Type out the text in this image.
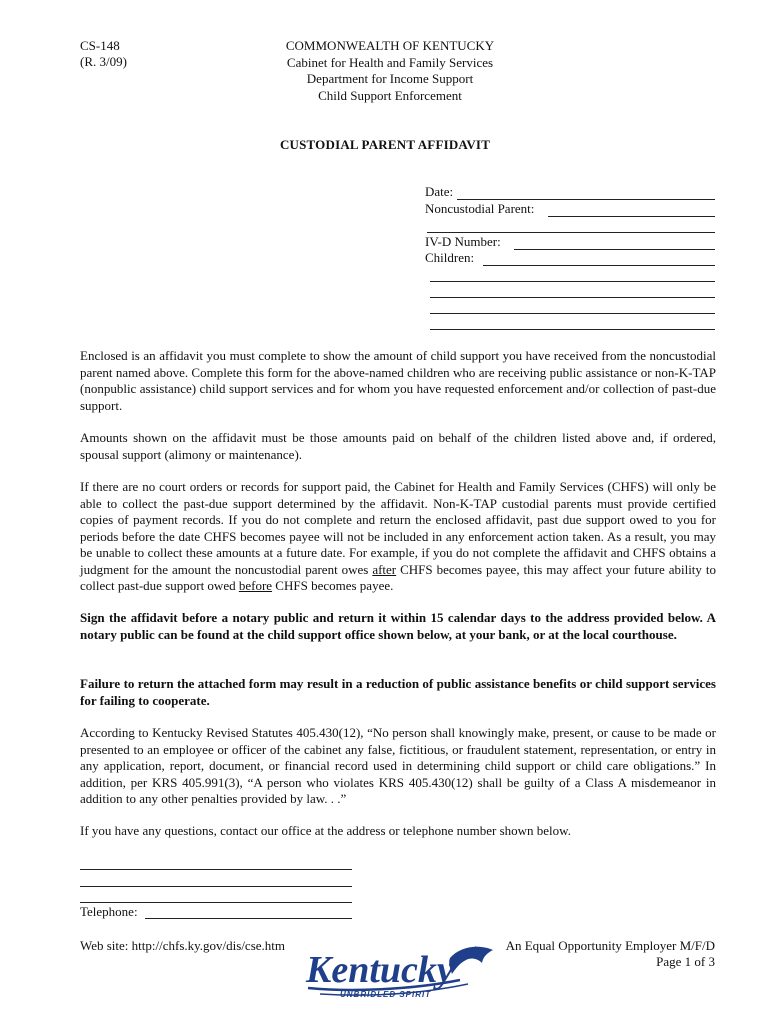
CS-148
(R. 3/09)
COMMONWEALTH OF KENTUCKY
Cabinet for Health and Family Services
Department for Income Support
Child Support Enforcement
CUSTODIAL PARENT AFFIDAVIT
Date:
Noncustodial Parent:
IV-D Number:
Children:

Enclosed is an affidavit you must complete to show the amount of child support you have received from the noncustodial parent named above. Complete this form for the above-named children who are receiving public assistance or non-K-TAP (nonpublic assistance) child support services and for whom you have requested enforcement and/or collection of past-due support.

Amounts shown on the affidavit must be those amounts paid on behalf of the children listed above and, if ordered, spousal support (alimony or maintenance).

If there are no court orders or records for support paid, the Cabinet for Health and Family Services (CHFS) will only be able to collect the past-due support determined by the affidavit. Non-K-TAP custodial parents must provide certified copies of payment records. If you do not complete and return the enclosed affidavit, past due support owed to you for periods before the date CHFS becomes payee will not be included in any enforcement action taken. As a result, you may be unable to collect these amounts at a future date. For example, if you do not complete the affidavit and CHFS obtains a judgment for the amount the noncustodial parent owes after CHFS becomes payee, this may affect your future ability to collect past-due support owed before CHFS becomes payee.

Sign the affidavit before a notary public and return it within 15 calendar days to the address provided below. A notary public can be found at the child support office shown below, at your bank, or at the local courthouse.

Failure to return the attached form may result in a reduction of public assistance benefits or child support services for failing to cooperate.

According to Kentucky Revised Statutes 405.430(12), “No person shall knowingly make, present, or cause to be made or presented to an employee or officer of the cabinet any false, fictitious, or fraudulent statement, representation, or entry in any application, report, document, or financial record used in determining child support or child care obligations.” In addition, per KRS 405.991(3), “A person who violates KRS 405.430(12) shall be guilty of a Class A misdemeanor in addition to any other penalties provided by law. . .”

If you have any questions, contact our office at the address or telephone number shown below.

Telephone:
Web site: http://chfs.ky.gov/dis/cse.htm	An Equal Opportunity Employer M/F/D
Page 1 of 3
Kentucky
UNBRIDLED SPIRIT
